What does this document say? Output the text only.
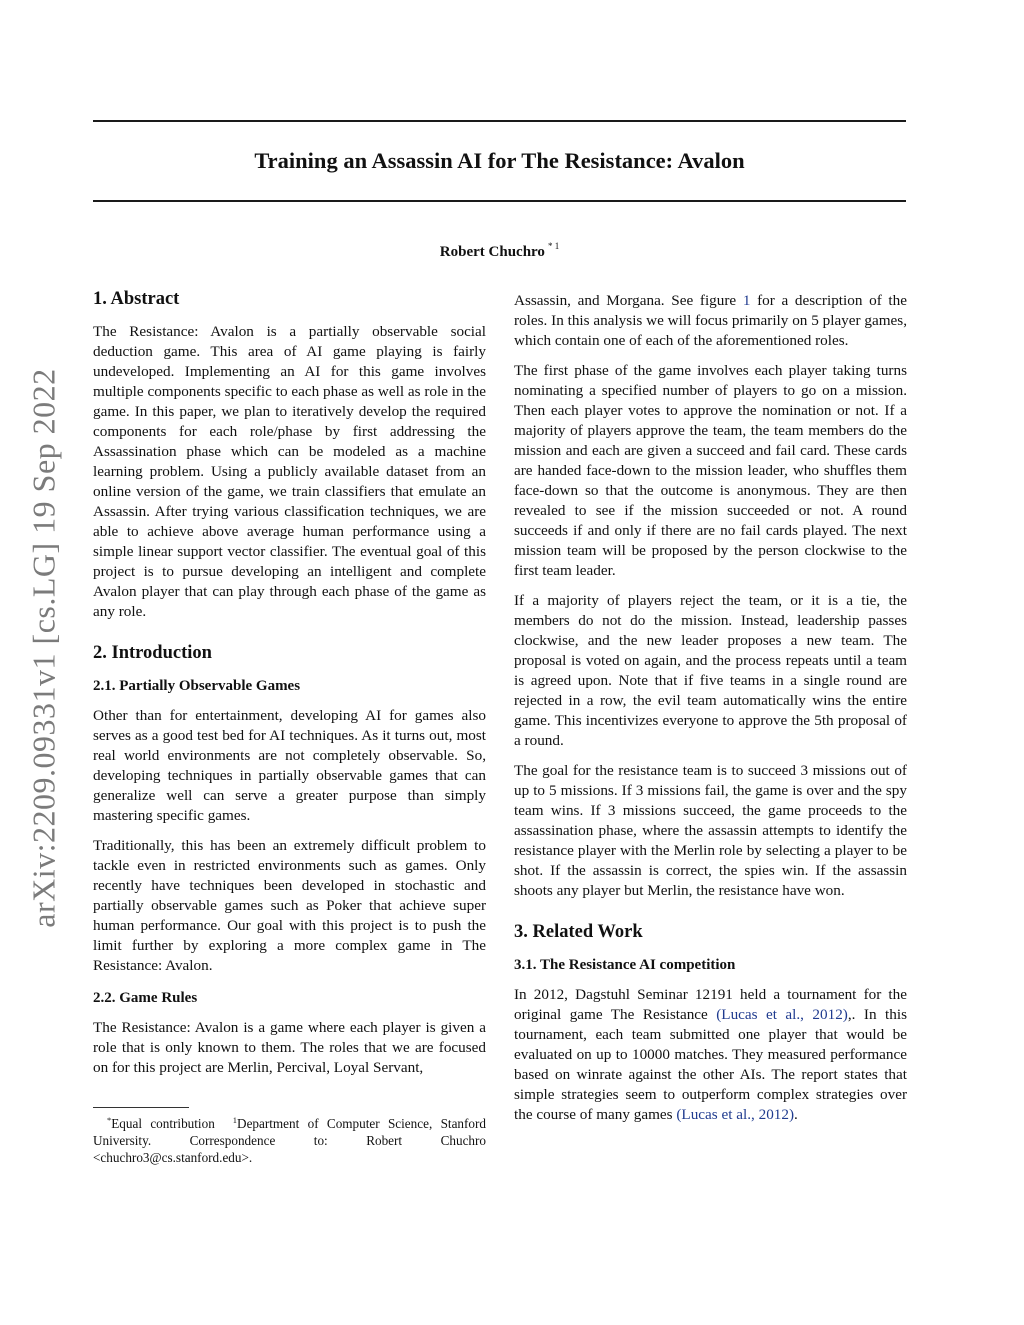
arXiv:2209.09331v1 [cs.LG] 19 Sep 2022
Training an Assassin AI for The Resistance: Avalon
Robert Chuchro $^{* 1}$
1. Abstract

The Resistance: Avalon is a partially observable social deduction game. This area of AI game playing is fairly undeveloped. Implementing an AI for this game involves multiple components specific to each phase as well as role in the game. In this paper, we plan to iteratively develop the required components for each role/phase by first addressing the Assassination phase which can be modeled as a machine learning problem. Using a publicly available dataset from an online version of the game, we train classifiers that emulate an Assassin. After trying various classification techniques, we are able to achieve above average human performance using a simple linear support vector classifier. The eventual goal of this project is to pursue developing an intelligent and complete Avalon player that can play through each phase of the game as any role.

2. Introduction
2.1. Partially Observable Games

Other than for entertainment, developing AI for games also serves as a good test bed for AI techniques. As it turns out, most real world environments are not completely observable. So, developing techniques in partially observable games that can generalize well can serve a greater purpose than simply mastering specific games.

Traditionally, this has been an extremely difficult problem to tackle even in restricted environments such as games. Only recently have techniques been developed in stochastic and partially observable games such as Poker that achieve super human performance. Our goal with this project is to push the limit further by exploring a more complex game in The Resistance: Avalon.

2.2. Game Rules

The Resistance: Avalon is a game where each player is given a role that is only known to them. The roles that we are focused on for this project are Merlin, Percival, Loyal Servant,

*Equal contribution $^1$Department of Computer Science, Stanford University. Correspondence to: Robert Chuchro <chuchro3@cs.stanford.edu>.

Assassin, and Morgana. See figure 1 for a description of the roles. In this analysis we will focus primarily on 5 player games, which contain one of each of the aforementioned roles.

The first phase of the game involves each player taking turns nominating a specified number of players to go on a mission. Then each player votes to approve the nomination or not. If a majority of players approve the team, the team members do the mission and each are given a succeed and fail card. These cards are handed face-down to the mission leader, who shuffles them face-down so that the outcome is anonymous. They are then revealed to see if the mission succeeded or not. A round succeeds if and only if there are no fail cards played. The next mission team will be proposed by the person clockwise to the first team leader.

If a majority of players reject the team, or it is a tie, the members do not do the mission. Instead, leadership passes clockwise, and the new leader proposes a new team. The proposal is voted on again, and the process repeats until a team is agreed upon. Note that if five teams in a single round are rejected in a row, the evil team automatically wins the entire game. This incentivizes everyone to approve the 5th proposal of a round.

The goal for the resistance team is to succeed 3 missions out of up to 5 missions. If 3 missions fail, the game is over and the spy team wins. If 3 missions succeed, the game proceeds to the assassination phase, where the assassin attempts to identify the resistance player with the Merlin role by selecting a player to be shot. If the assassin is correct, the spies win. If the assassin shoots any player but Merlin, the resistance have won.

3. Related Work
3.1. The Resistance AI competition

In 2012, Dagstuhl Seminar 12191 held a tournament for the original game The Resistance (Lucas et al., 2012),. In this tournament, each team submitted one player that would be evaluated on up to 10000 matches. They measured performance based on winrate against the other AIs. The report states that simple strategies seem to outperform complex strategies over the course of many games (Lucas et al., 2012).
